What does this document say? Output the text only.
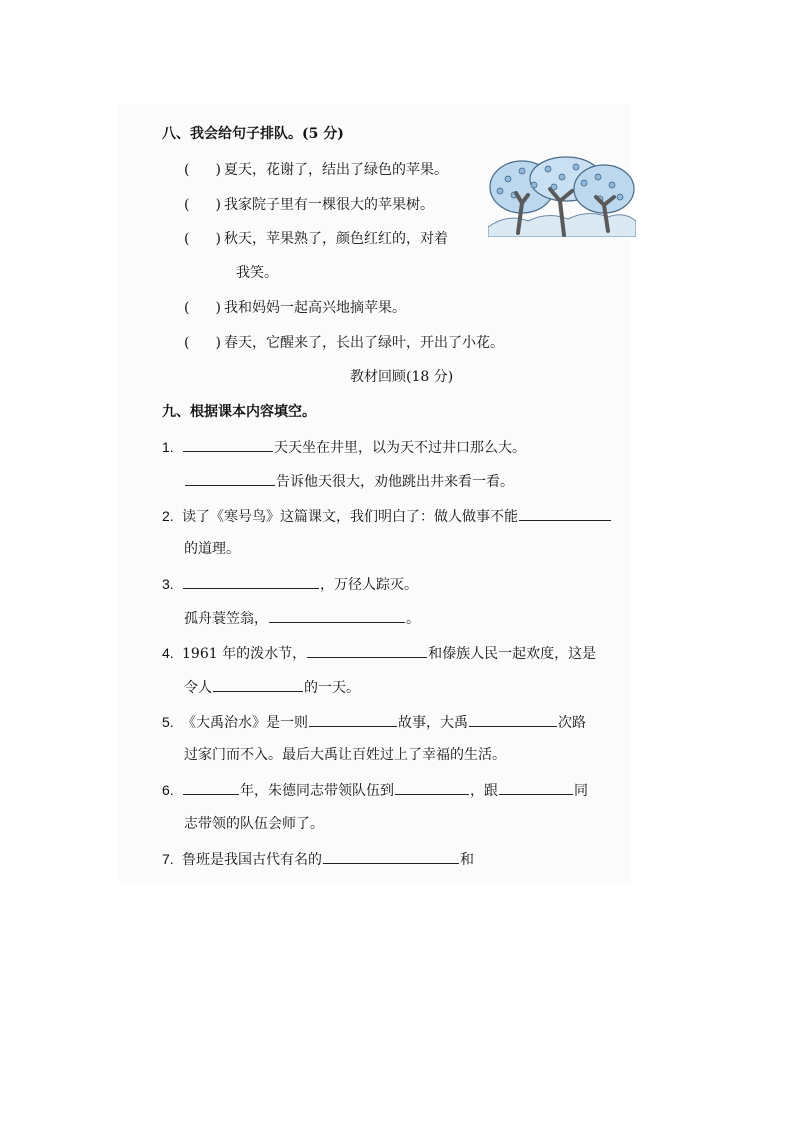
八、我会给句子排队。(5 分)
( ) 夏天，花谢了，结出了绿色的苹果。
( ) 我家院子里有一棵很大的苹果树。
( ) 秋天，苹果熟了，颜色红红的，对着
我笑。
( ) 我和妈妈一起高兴地摘苹果。
( ) 春天，它醒来了，长出了绿叶，开出了小花。
教材回顾(18 分)
九、根据课本内容填空。
1.	天天坐在井里，以为天不过井口那么大。
告诉他天很大，劝他跳出井来看一看。
2. 读了《寒号鸟》这篇课文，我们明白了：做人做事不能
的道理。
3.	，万径人踪灭。
孤舟蓑笠翁，	。
4. 1961 年的泼水节，	和傣族人民一起欢度，这是
令人	的一天。
5. 《大禹治水》是一则	故事，大禹	次路
过家门而不入。最后大禹让百姓过上了幸福的生活。
6.	年，朱德同志带领队伍到	，跟	同
志带领的队伍会师了。
7. 鲁班是我国古代有名的	和
